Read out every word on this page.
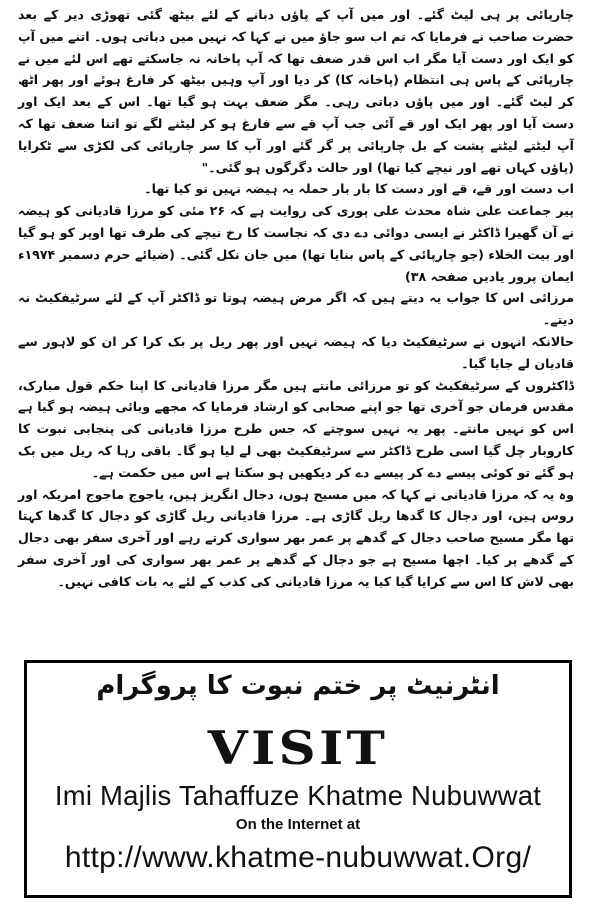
چارپائی پر ہی لیٹ گئے۔ اور میں آپ کے پاؤں دبانے کے لئے بیٹھ گئی تھوڑی دیر کے بعد حضرت صاحب نے فرمایا کہ تم اب سو جاؤ میں نے کہا کہ نہیں میں دباتی ہوں۔ اتنے میں آپ کو ایک اور دست آیا مگر اب اس قدر ضعف تھا کہ آپ پاخانہ نہ جاسکتے تھے اس لئے میں نے چارپائی کے پاس ہی انتظام (پاخانہ کا) کر دیا اور آپ وہیں بیٹھ کر فارغ ہوئے اور پھر اٹھ کر لیٹ گئے۔ اور میں پاؤں دباتی رہی۔ مگر ضعف بہت ہو گیا تھا۔ اس کے بعد ایک اور دست آیا اور پھر ایک اور قے آئی جب آپ قے سے فارغ ہو کر لیٹنے لگے تو اتنا ضعف تھا کہ آپ لیٹتے لیٹتے پشت کے بل چارپائی پر گر گئے اور آپ کا سر چارپائی کی لکڑی سے ٹکرایا (پاؤں کہاں تھے اور نیچے کیا تھا) اور حالت دگرگوں ہو گئی۔"

اب دست اور قے، قے اور دست کا بار بار حملہ یہ ہیضہ نہیں تو کیا تھا۔

پیر جماعت علی شاہ محدث علی پوری کی روایت ہے کہ ۲۶ مئی کو مرزا قادیانی کو ہیضہ نے آن گھیرا ڈاکٹر نے ایسی دوائی دے دی کہ نجاست کا رخ نیچے کی طرف تھا اوپر کو ہو گیا اور بیت الخلاء (جو چارپائی کے پاس بنایا تھا) میں جان نکل گئی۔ (ضیائے حرم دسمبر ۱۹۷۴ء ایمان پرور یادیں صفحہ ۳۸)

مرزائی اس کا جواب یہ دیتے ہیں کہ اگر مرض ہیضہ ہوتا تو ڈاکٹر آپ کے لئے سرٹیفکیٹ نہ دیتے۔

حالانکہ انہوں نے سرٹیفکیٹ دیا کہ ہیضہ نہیں اور پھر ریل پر بک کرا کر ان کو لاہور سے قادیان لے جایا گیا۔

ڈاکٹروں کے سرٹیفکیٹ کو تو مرزائی مانتے ہیں مگر مرزا قادیانی کا اپنا حکم قول مبارک، مقدس فرمان جو آخری تھا جو اپنے صحابی کو ارشاد فرمایا کہ مجھے وبائی ہیضہ ہو گیا ہے اس کو نہیں مانتے۔ پھر یہ نہیں سوچتے کہ جس طرح مرزا قادیانی کی پنجابی نبوت کا کاروبار چل گیا اسی طرح ڈاکٹر سے سرٹیفکیٹ بھی لے لیا ہو گا۔ باقی رہا کہ ریل میں بک ہو گئے تو کوئی پیسے دے کر پیسے دے کر دیکھیں ہو سکتا ہے اس میں حکمت ہے۔

وہ یہ کہ مرزا قادیانی نے کہا کہ میں مسیح ہوں، دجال انگریز ہیں، یاجوج ماجوج امریکہ اور روس ہیں، اور دجال کا گدھا ریل گاڑی ہے۔ مرزا قادیانی ریل گاڑی کو دجال کا گدھا کہتا تھا مگر مسیح صاحب دجال کے گدھے پر عمر بھر سواری کرتے رہے اور آخری سفر بھی دجال کے گدھے پر کیا۔ اچھا مسیح ہے جو دجال کے گدھے پر عمر بھر سواری کی اور آخری سفر بھی لاش کا اس سے کرایا گیا کیا یہ مرزا قادیانی کی کذب کے لئے یہ بات کافی نہیں۔

انٹرنیٹ پر ختم نبوت کا پروگرام
VISIT
Imi Majlis Tahaffuze Khatme Nubuwwat
On the Internet at
http://www.khatme-nubuwwat.Org/
